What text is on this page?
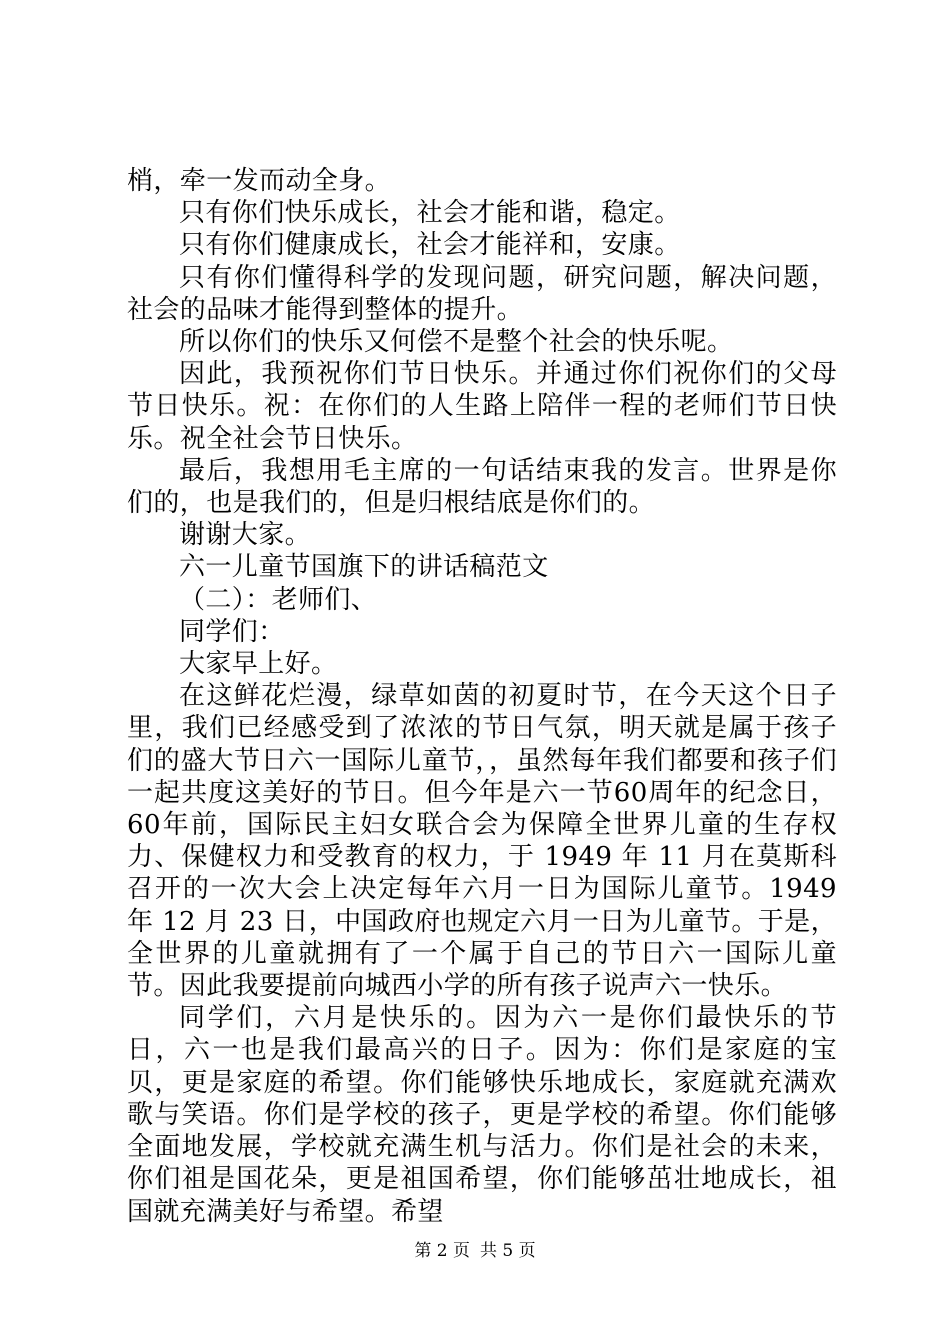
梢，牵一发而动全身。

只有你们快乐成长，社会才能和谐，稳定。

只有你们健康成长，社会才能祥和，安康。

只有你们懂得科学的发现问题，研究问题，解决问题，社会的品味才能得到整体的提升。

所以你们的快乐又何偿不是整个社会的快乐呢。

因此，我预祝你们节日快乐。并通过你们祝你们的父母节日快乐。祝：在你们的人生路上陪伴一程的老师们节日快乐。祝全社会节日快乐。

最后，我想用毛主席的一句话结束我的发言。世界是你们的，也是我们的，但是归根结底是你们的。

谢谢大家。

六一儿童节国旗下的讲话稿范文

（二）：老师们、

同学们：

大家早上好。

在这鲜花烂漫，绿草如茵的初夏时节，在今天这个日子里，我们已经感受到了浓浓的节日气氛，明天就是属于孩子们的盛大节日六一国际儿童节，，虽然每年我们都要和孩子们一起共度这美好的节日。但今年是六一节60周年的纪念日，60年前，国际民主妇女联合会为保障全世界儿童的生存权力、保健权力和受教育的权力，于 1949 年 11 月在莫斯科召开的一次大会上决定每年六月一日为国际儿童节。1949 年 12 月 23 日，中国政府也规定六月一日为儿童节。于是，全世界的儿童就拥有了一个属于自己的节日六一国际儿童节。因此我要提前向城西小学的所有孩子说声六一快乐。

同学们，六月是快乐的。因为六一是你们最快乐的节日，六一也是我们最高兴的日子。因为：你们是家庭的宝贝，更是家庭的希望。你们能够快乐地成长，家庭就充满欢歌与笑语。你们是学校的孩子，更是学校的希望。你们能够全面地发展，学校就充满生机与活力。你们是社会的未来，你们祖是国花朵，更是祖国希望，你们能够茁壮地成长，祖国就充满美好与希望。希望

第 2 页 共 5 页
